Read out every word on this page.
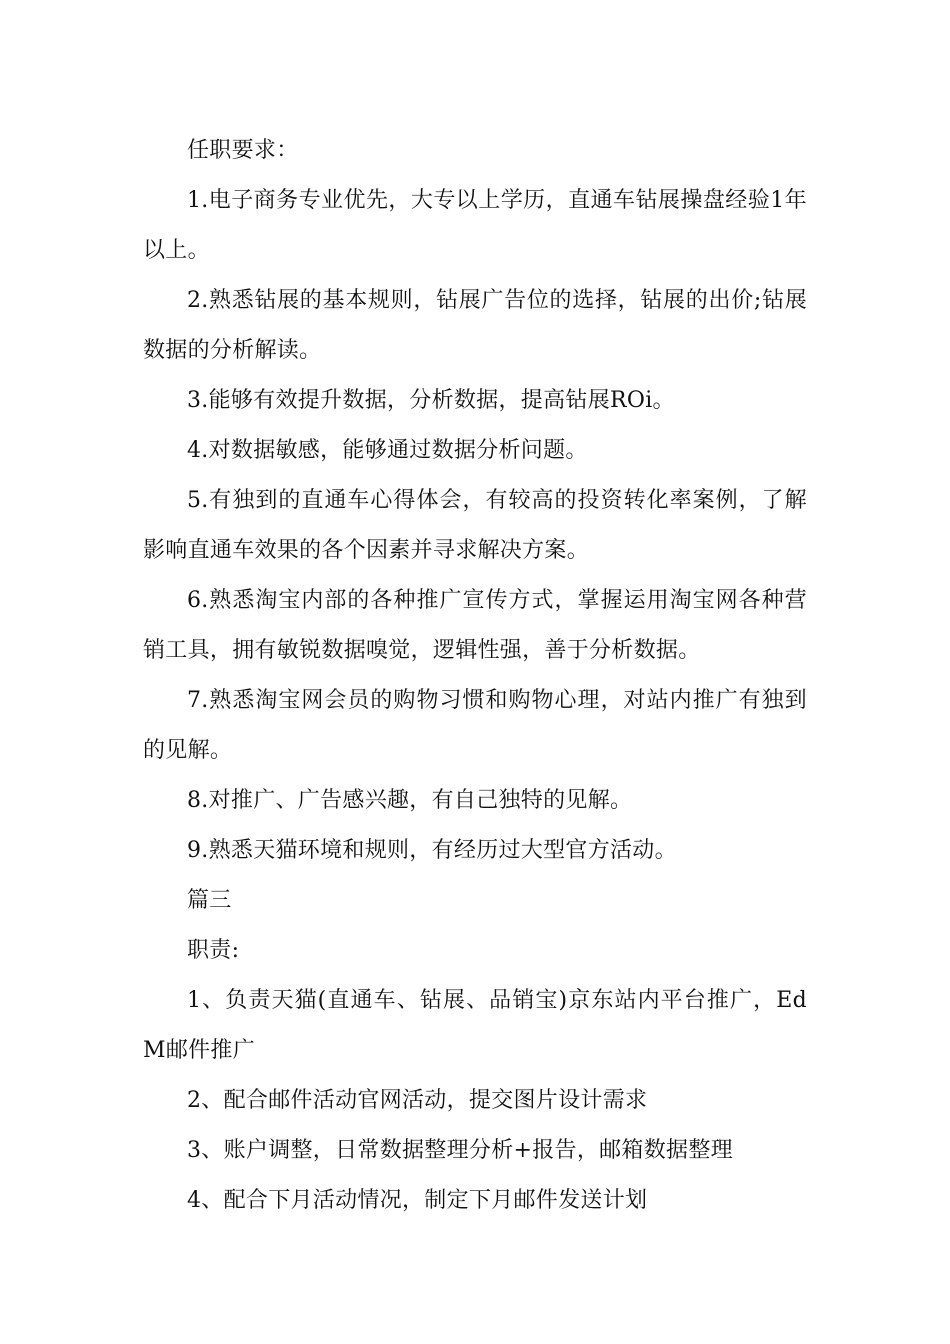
任职要求：

1.电子商务专业优先，大专以上学历，直通车钻展操盘经验1年以上。

2.熟悉钻展的基本规则，钻展广告位的选择，钻展的出价;钻展数据的分析解读。

3.能够有效提升数据，分析数据，提高钻展ROi。

4.对数据敏感，能够通过数据分析问题。

5.有独到的直通车心得体会，有较高的投资转化率案例，了解影响直通车效果的各个因素并寻求解决方案。

6.熟悉淘宝内部的各种推广宣传方式，掌握运用淘宝网各种营销工具，拥有敏锐数据嗅觉，逻辑性强，善于分析数据。

7.熟悉淘宝网会员的购物习惯和购物心理，对站内推广有独到的见解。

8.对推广、广告感兴趣，有自己独特的见解。

9.熟悉天猫环境和规则，有经历过大型官方活动。

篇三

职责:

1、负责天猫(直通车、钻展、品销宝)京东站内平台推广，EdM邮件推广

2、配合邮件活动官网活动，提交图片设计需求

3、账户调整，日常数据整理分析+报告，邮箱数据整理

4、配合下月活动情况，制定下月邮件发送计划
